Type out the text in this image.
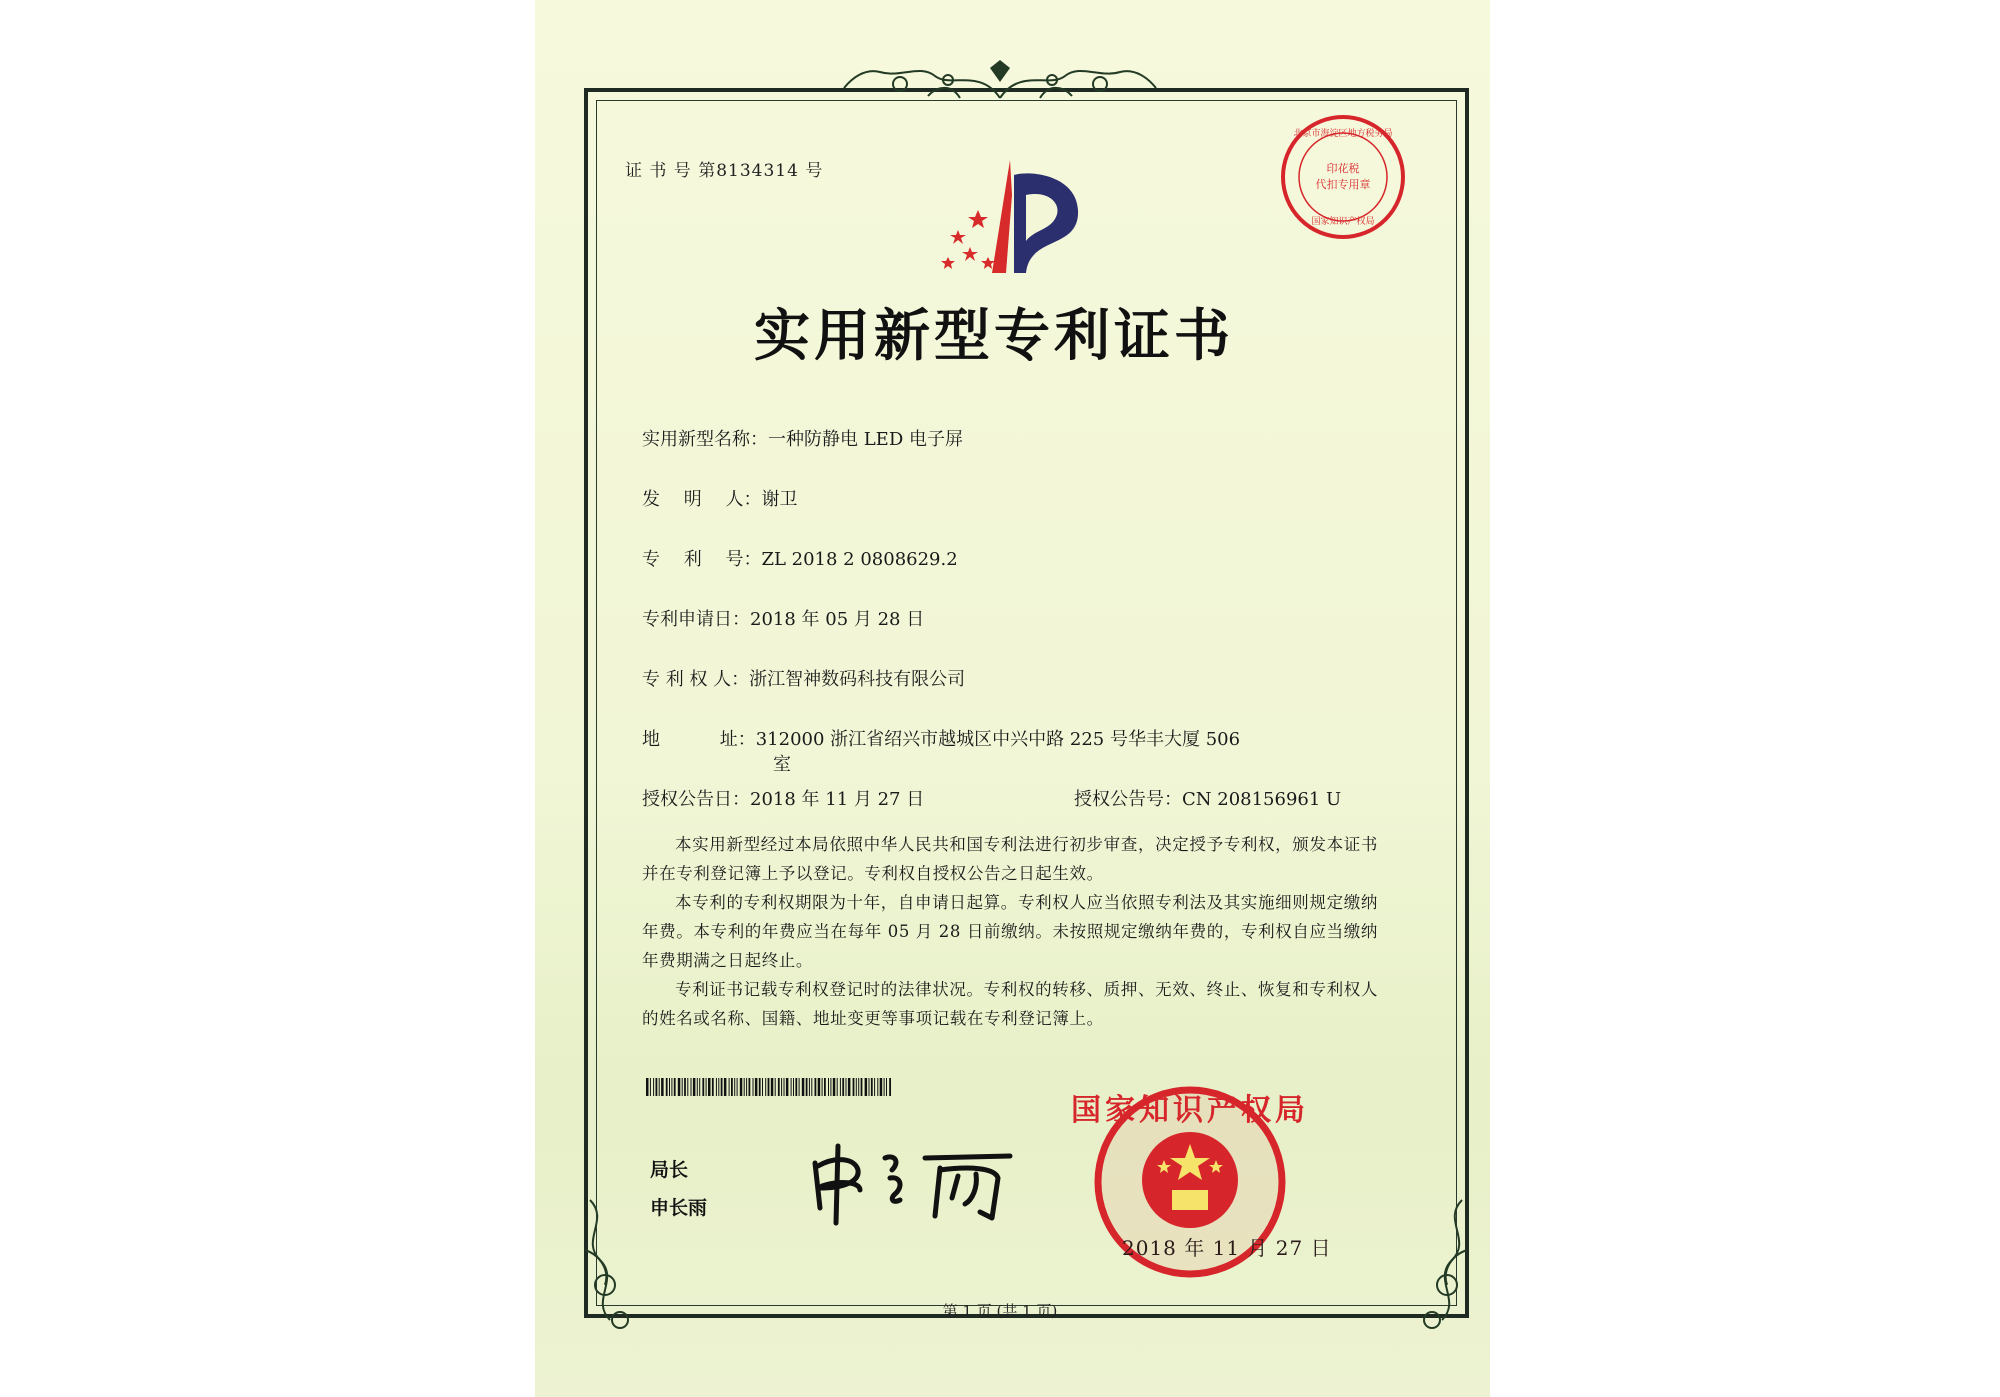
证 书 号 第8134314 号	印花税
代扣专用章
北京市海淀区地方税务局
国家知识产权局
实用新型专利证书
实用新型名称：一种防静电 LED 电子屏
发　 明　 人：谢卫
专　 利　 号：ZL 2018 2 0808629.2
专利申请日：2018 年 05 月 28 日
专 利 权 人：浙江智神数码科技有限公司
地　　　 址：312000 浙江省绍兴市越城区中兴中路 225 号华丰大厦 506
室
授权公告日：2018 年 11 月 27 日	授权公告号：CN 208156961 U
本实用新型经过本局依照中华人民共和国专利法进行初步审查，决定授予专利权，颁发本证书并在专利登记簿上予以登记。专利权自授权公告之日起生效。
本专利的专利权期限为十年，自申请日起算。专利权人应当依照专利法及其实施细则规定缴纳年费。本专利的年费应当在每年 05 月 28 日前缴纳。未按照规定缴纳年费的，专利权自应当缴纳年费期满之日起终止。
专利证书记载专利权登记时的法律状况。专利权的转移、质押、无效、终止、恢复和专利权人的姓名或名称、国籍、地址变更等事项记载在专利登记簿上。
局长
申长雨
国家知识产权局
2018 年 11 月 27 日
第 1 页 (共 1 页)
